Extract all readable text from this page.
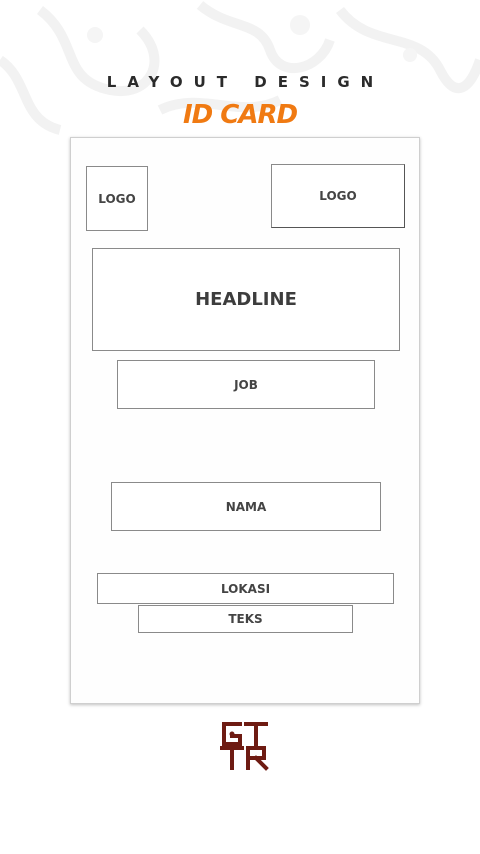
LAYOUT DESIGN
ID CARD
LOGO	LOGO
HEADLINE
JOB
NAMA
LOKASI
TEKS
